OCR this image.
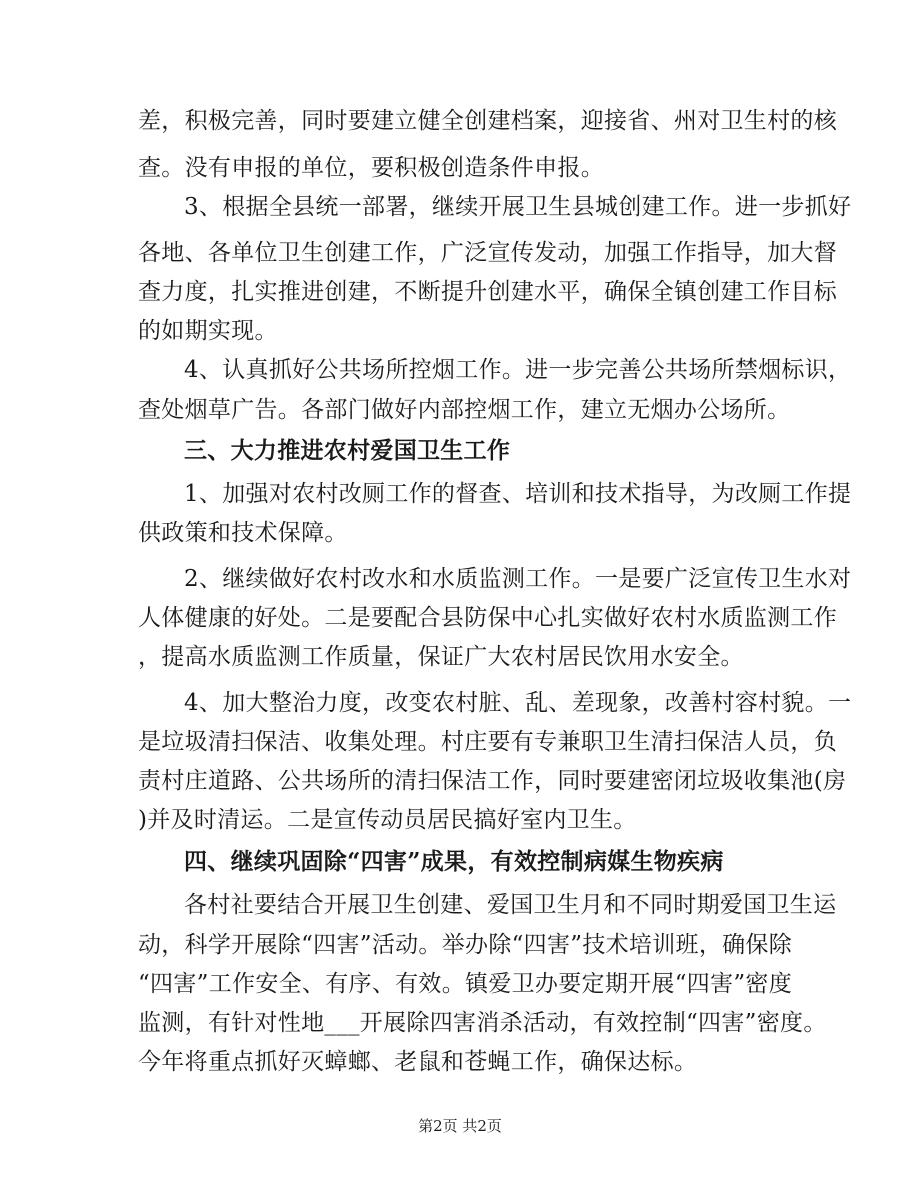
差，积极完善，同时要建立健全创建档案，迎接省、州对卫生村的核
查。没有申报的单位，要积极创造条件申报。
3、根据全县统一部署，继续开展卫生县城创建工作。进一步抓好
各地、各单位卫生创建工作，广泛宣传发动，加强工作指导，加大督
查力度，扎实推进创建，不断提升创建水平，确保全镇创建工作目标
的如期实现。
4、认真抓好公共场所控烟工作。进一步完善公共场所禁烟标识，
查处烟草广告。各部门做好内部控烟工作，建立无烟办公场所。
三、大力推进农村爱国卫生工作
1、加强对农村改厕工作的督查、培训和技术指导，为改厕工作提
供政策和技术保障。
2、继续做好农村改水和水质监测工作。一是要广泛宣传卫生水对
人体健康的好处。二是要配合县防保中心扎实做好农村水质监测工作
，提高水质监测工作质量，保证广大农村居民饮用水安全。
4、加大整治力度，改变农村脏、乱、差现象，改善村容村貌。一
是垃圾清扫保洁、收集处理。村庄要有专兼职卫生清扫保洁人员，负
责村庄道路、公共场所的清扫保洁工作，同时要建密闭垃圾收集池(房
)并及时清运。二是宣传动员居民搞好室内卫生。
四、继续巩固除“四害”成果，有效控制病媒生物疾病
各村社要结合开展卫生创建、爱国卫生月和不同时期爱国卫生运
动，科学开展除“四害”活动。举办除“四害”技术培训班，确保除
“四害”工作安全、有序、有效。镇爱卫办要定期开展“四害”密度
监测，有针对性地___开展除四害消杀活动，有效控制“四害”密度。
今年将重点抓好灭蟑螂、老鼠和苍蝇工作，确保达标。
第2页 共2页
